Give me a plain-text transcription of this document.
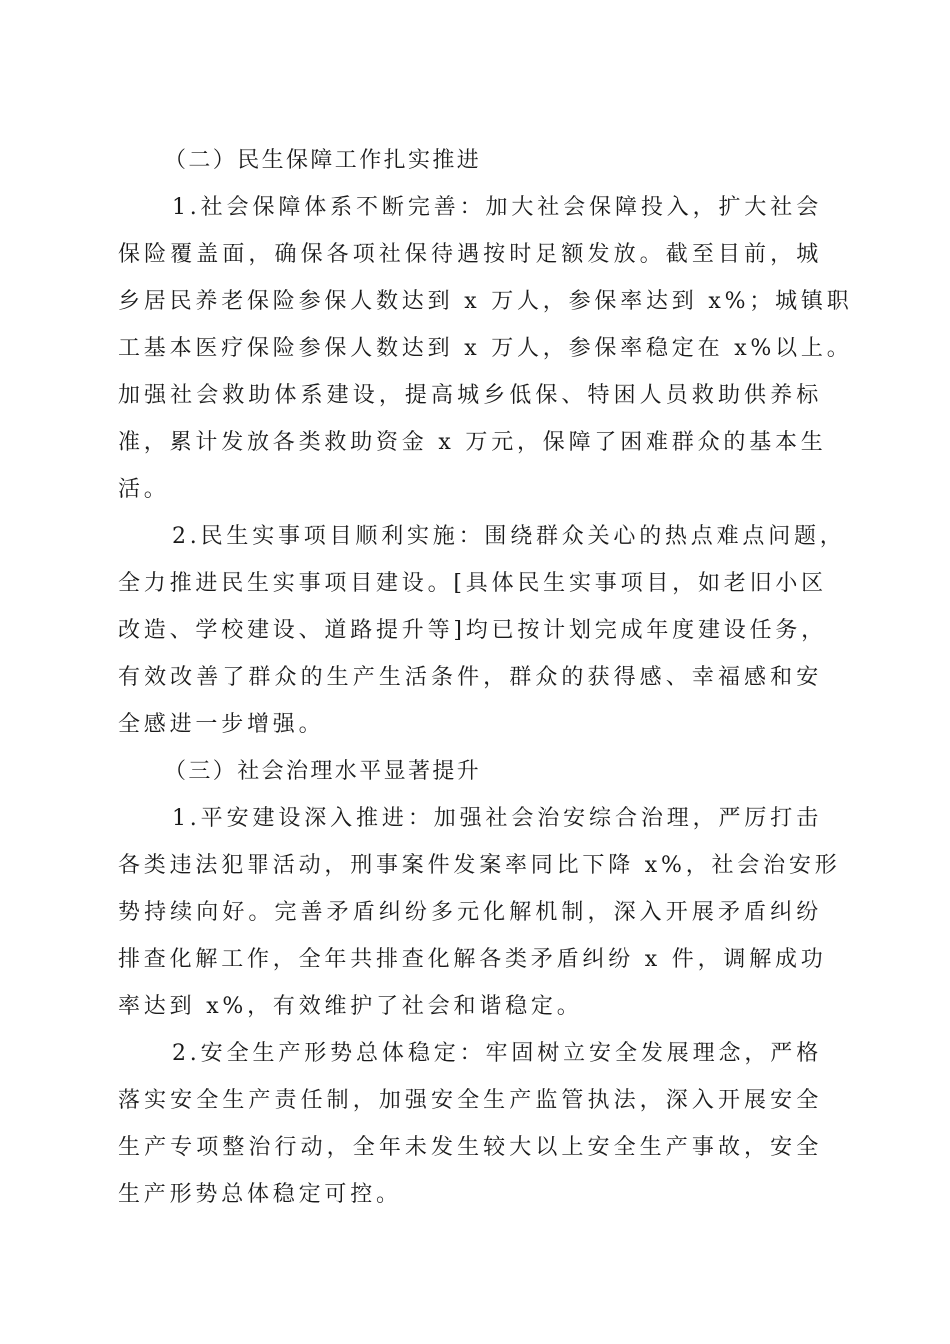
（二）民生保障工作扎实推进
1.社会保障体系不断完善：加大社会保障投入，扩大社会
保险覆盖面，确保各项社保待遇按时足额发放。截至目前，城
乡居民养老保险参保人数达到 x 万人，参保率达到 x%；城镇职
工基本医疗保险参保人数达到 x 万人，参保率稳定在 x%以上。
加强社会救助体系建设，提高城乡低保、特困人员救助供养标
准，累计发放各类救助资金 x 万元，保障了困难群众的基本生
活。
2.民生实事项目顺利实施：围绕群众关心的热点难点问题，
全力推进民生实事项目建设。[具体民生实事项目，如老旧小区
改造、学校建设、道路提升等]均已按计划完成年度建设任务，
有效改善了群众的生产生活条件，群众的获得感、幸福感和安
全感进一步增强。
（三）社会治理水平显著提升
1.平安建设深入推进：加强社会治安综合治理，严厉打击
各类违法犯罪活动，刑事案件发案率同比下降 x%，社会治安形
势持续向好。完善矛盾纠纷多元化解机制，深入开展矛盾纠纷
排查化解工作，全年共排查化解各类矛盾纠纷 x 件，调解成功
率达到 x%，有效维护了社会和谐稳定。
2.安全生产形势总体稳定：牢固树立安全发展理念，严格
落实安全生产责任制，加强安全生产监管执法，深入开展安全
生产专项整治行动，全年未发生较大以上安全生产事故，安全
生产形势总体稳定可控。
